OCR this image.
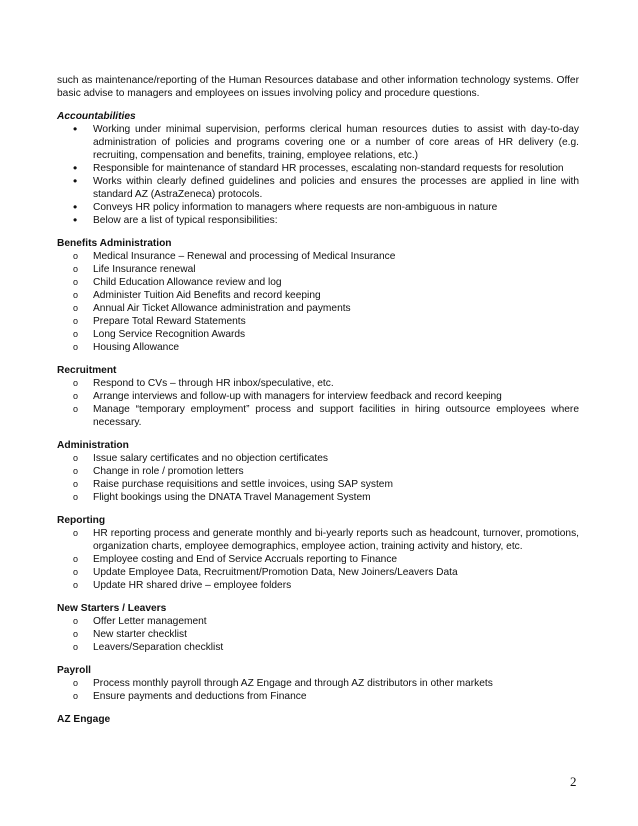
such as maintenance/reporting of the Human Resources database and other information technology systems. Offer basic advise to managers and employees on issues involving policy and procedure questions.

Accountabilities

• Working under minimal supervision, performs clerical human resources duties to assist with day-to-day administration of policies and programs covering one or a number of core areas of HR delivery (e.g. recruiting, compensation and benefits, training, employee relations, etc.)
• Responsible for maintenance of standard HR processes, escalating non-standard requests for resolution
• Works within clearly defined guidelines and policies and ensures the processes are applied in line with standard AZ (AstraZeneca) protocols.
• Conveys HR policy information to managers where requests are non-ambiguous in nature
• Below are a list of typical responsibilities:

Benefits Administration

o Medical Insurance – Renewal and processing of Medical Insurance
o Life Insurance renewal
o Child Education Allowance review and log
o Administer Tuition Aid Benefits and record keeping
o Annual Air Ticket Allowance administration and payments
o Prepare Total Reward Statements
o Long Service Recognition Awards
o Housing Allowance

Recruitment

o Respond to CVs – through HR inbox/speculative, etc.
o Arrange interviews and follow-up with managers for interview feedback and record keeping
o Manage “temporary employment” process and support facilities in hiring outsource employees where necessary.

Administration

o Issue salary certificates and no objection certificates
o Change in role / promotion letters
o Raise purchase requisitions and settle invoices, using SAP system
o Flight bookings using the DNATA Travel Management System

Reporting

o HR reporting process and generate monthly and bi-yearly reports such as headcount, turnover, promotions, organization charts, employee demographics, employee action, training activity and history, etc.
o Employee costing and End of Service Accruals reporting to Finance
o Update Employee Data, Recruitment/Promotion Data, New Joiners/Leavers Data
o Update HR shared drive – employee folders

New Starters / Leavers

o Offer Letter management
o New starter checklist
o Leavers/Separation checklist

Payroll

o Process monthly payroll through AZ Engage and through AZ distributors in other markets
o Ensure payments and deductions from Finance

AZ Engage

2
